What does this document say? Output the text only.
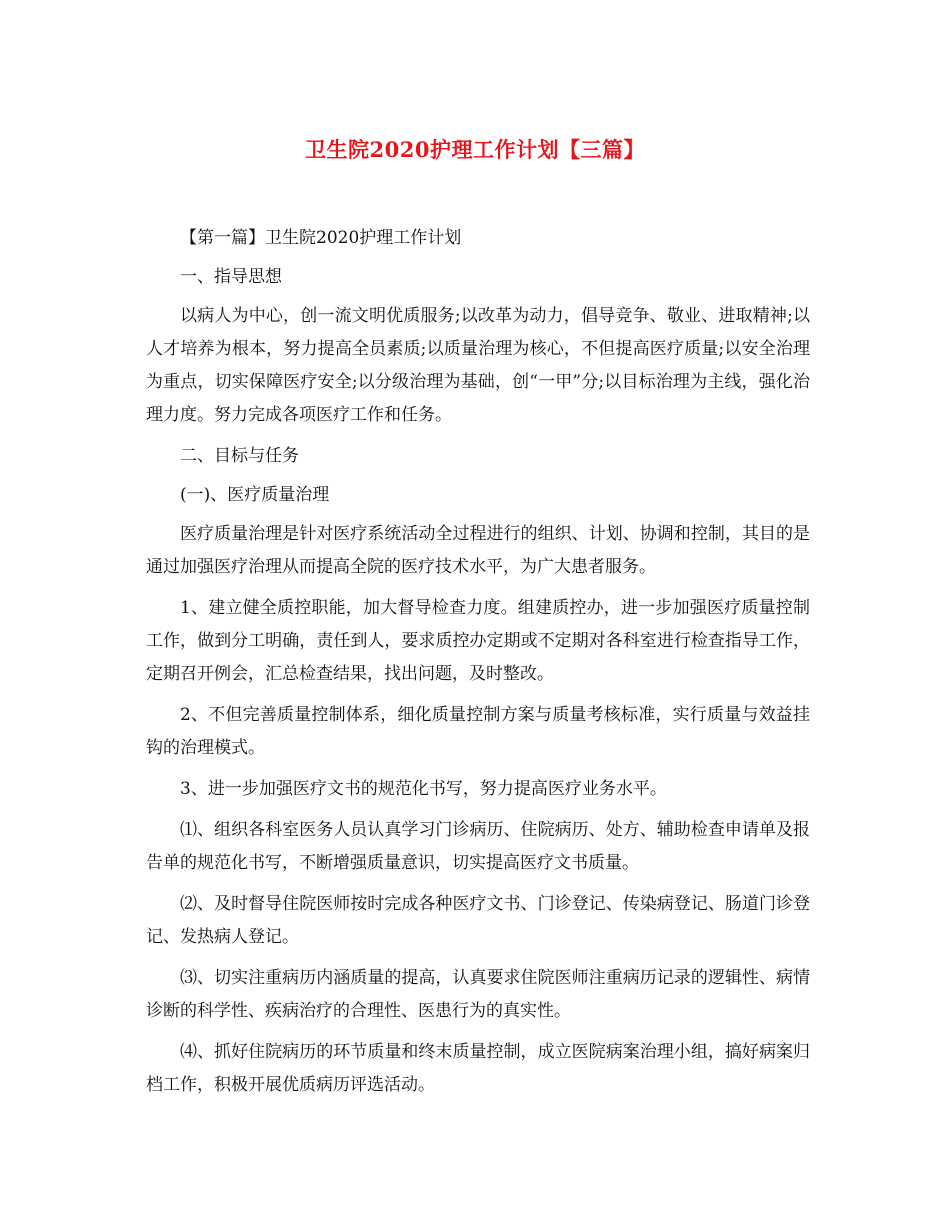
卫生院2020护理工作计划【三篇】

【第一篇】卫生院2020护理工作计划

一、指导思想

以病人为中心，创一流文明优质服务;以改革为动力，倡导竞争、敬业、进取精神;以人才培养为根本，努力提高全员素质;以质量治理为核心，不但提高医疗质量;以安全治理为重点，切实保障医疗安全;以分级治理为基础，创“一甲”分;以目标治理为主线，强化治理力度。努力完成各项医疗工作和任务。

二、目标与任务

(一)、医疗质量治理

医疗质量治理是针对医疗系统活动全过程进行的组织、计划、协调和控制，其目的是通过加强医疗治理从而提高全院的医疗技术水平，为广大患者服务。

1、建立健全质控职能，加大督导检查力度。组建质控办，进一步加强医疗质量控制工作，做到分工明确，责任到人，要求质控办定期或不定期对各科室进行检查指导工作，定期召开例会，汇总检查结果，找出问题，及时整改。

2、不但完善质量控制体系，细化质量控制方案与质量考核标准，实行质量与效益挂钩的治理模式。

3、进一步加强医疗文书的规范化书写，努力提高医疗业务水平。

⑴、组织各科室医务人员认真学习门诊病历、住院病历、处方、辅助检查申请单及报告单的规范化书写，不断增强质量意识，切实提高医疗文书质量。

⑵、及时督导住院医师按时完成各种医疗文书、门诊登记、传染病登记、肠道门诊登记、发热病人登记。

⑶、切实注重病历内涵质量的提高，认真要求住院医师注重病历记录的逻辑性、病情诊断的科学性、疾病治疗的合理性、医患行为的真实性。

⑷、抓好住院病历的环节质量和终末质量控制，成立医院病案治理小组，搞好病案归档工作，积极开展优质病历评选活动。
